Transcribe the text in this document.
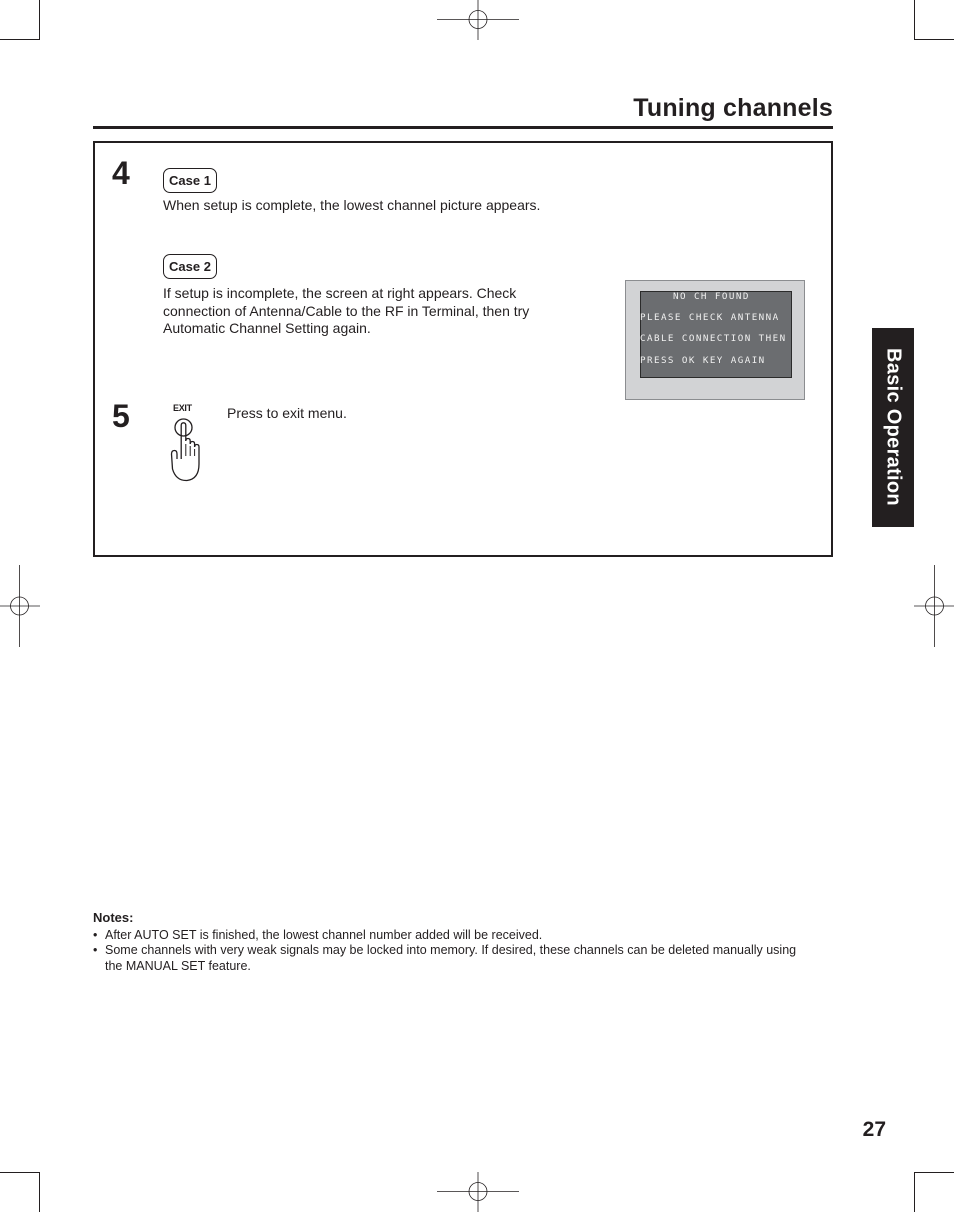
Tuning channels
Basic Operation
4	Case 1
When setup is complete, the lowest channel picture appears.
Case 2
If setup is incomplete, the screen at right appears. Check
connection of Antenna/Cable to the RF in Terminal, then try
Automatic Channel Setting again.
NO CH FOUND
PLEASE CHECK ANTENNA
CABLE CONNECTION THEN
PRESS OK KEY AGAIN
5	EXIT	Press to exit menu.
Notes:
• After AUTO SET is finished, the lowest channel number added will be received.
• Some channels with very weak signals may be locked into memory. If desired, these channels can be deleted manually using
the MANUAL SET feature.
27
